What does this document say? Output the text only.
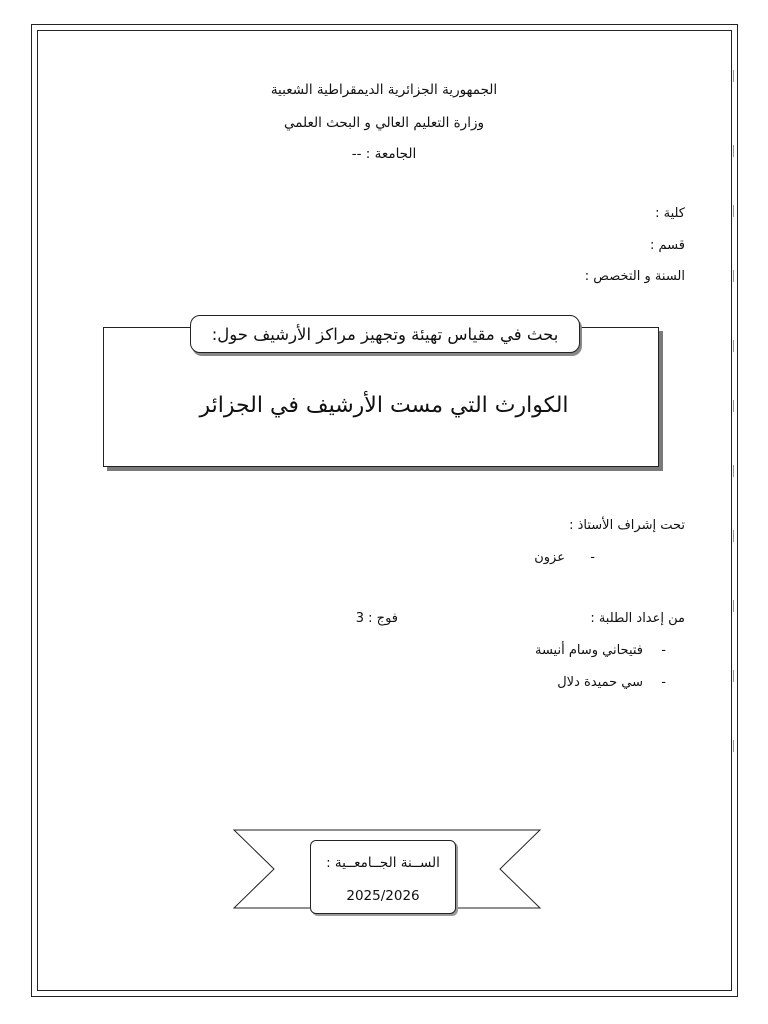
الجمهورية الجزائرية الديمقراطية الشعبية
وزارة التعليم العالي و البحث العلمي
الجامعة : --
كلية :
قسم :
السنة و التخصص :
بحث في مقياس تهيئة وتجهيز مراكز الأرشيف حول:
الكوارث التي مست الأرشيف في الجزائر
تحت إشراف الأستاذ :
-
عزون
من إعداد الطلبة :
فوج : 3
-
فتيحاني وسام أنيسة
-
سي حميدة دلال
الســنة الجــامعــية :
2025/2026
